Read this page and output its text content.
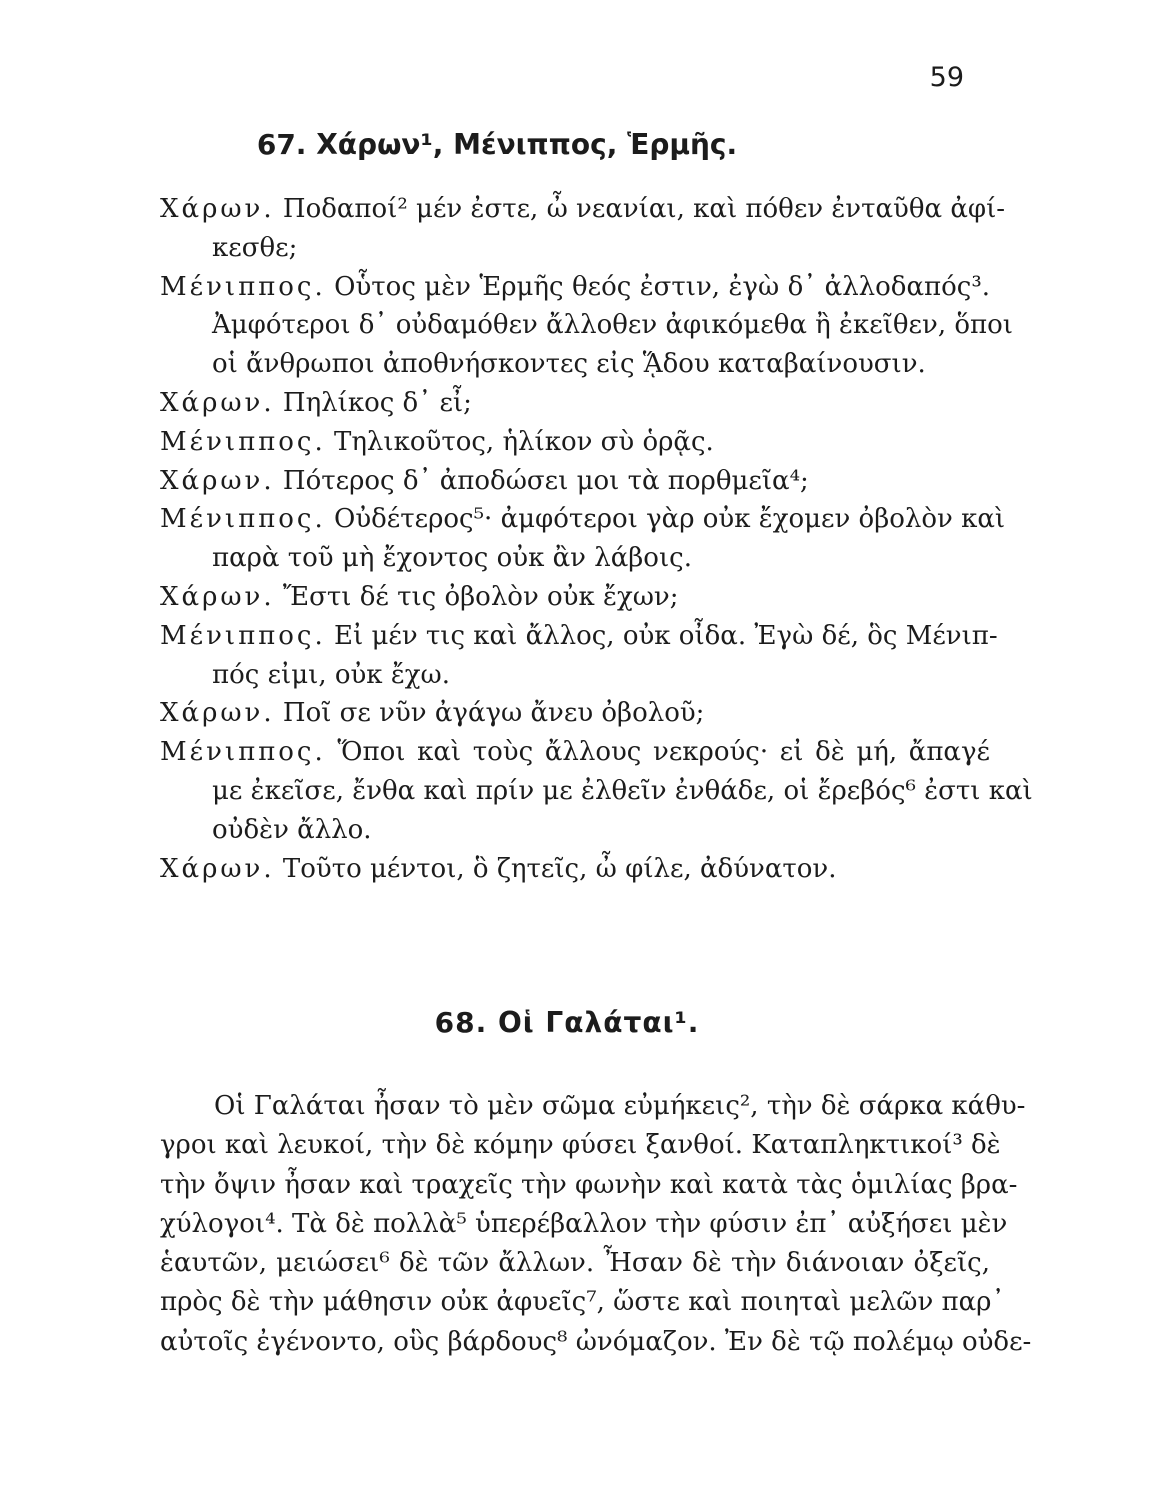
59
67. Χάρων¹, Μένιππος, Ἑρμῆς.
Χάρων. Ποδαποί² μέν ἐστε, ὦ νεανίαι, καὶ πόθεν ἐνταῦθα ἀφί-
κεσθε;
Μένιππος. Οὗτος μὲν Ἑρμῆς θεός ἐστιν, ἐγὼ δ᾽ ἀλλοδαπός³.
Ἀμφότεροι δ᾽ οὐδαμόθεν ἄλλοθεν ἀφικόμεθα ἢ ἐκεῖθεν, ὅποι
οἱ ἄνθρωποι ἀποθνήσκοντες εἰς ᾍδου καταβαίνουσιν.
Χάρων. Πηλίκος δ᾽ εἶ;
Μένιππος. Τηλικοῦτος, ἡλίκον σὺ ὁρᾷς.
Χάρων. Πότερος δ᾽ ἀποδώσει μοι τὰ πορθμεῖα⁴;
Μένιππος. Οὐδέτερος⁵· ἀμφότεροι γὰρ οὐκ ἔχομεν ὀβολὸν καὶ
παρὰ τοῦ μὴ ἔχοντος οὐκ ἂν λάβοις.
Χάρων. Ἔστι δέ τις ὀβολὸν οὐκ ἔχων;
Μένιππος. Εἰ μέν τις καὶ ἄλλος, οὐκ οἶδα. Ἐγὼ δέ, ὃς Μένιπ-
πός εἰμι, οὐκ ἔχω.
Χάρων. Ποῖ σε νῦν ἀγάγω ἄνευ ὀβολοῦ;
Μένιππος. Ὅποι καὶ τοὺς ἄλλους νεκρούς· εἰ δὲ μή, ἄπαγέ
με ἐκεῖσε, ἔνθα καὶ πρίν με ἐλθεῖν ἐνθάδε, οἱ ἔρεβός⁶ ἐστι καὶ
οὐδὲν ἄλλο.
Χάρων. Τοῦτο μέντοι, ὃ ζητεῖς, ὦ φίλε, ἀδύνατον.
68. Οἱ Γαλάται¹.
Οἱ Γαλάται ἦσαν τὸ μὲν σῶμα εὐμήκεις², τὴν δὲ σάρκα κάθυ-
γροι καὶ λευκοί, τὴν δὲ κόμην φύσει ξανθοί. Καταπληκτικοί³ δὲ
τὴν ὄψιν ἦσαν καὶ τραχεῖς τὴν φωνὴν καὶ κατὰ τὰς ὁμιλίας βρα-
χύλογοι⁴. Τὰ δὲ πολλὰ⁵ ὑπερέβαλλον τὴν φύσιν ἐπ᾽ αὐξήσει μὲν
ἑαυτῶν, μειώσει⁶ δὲ τῶν ἄλλων. Ἦσαν δὲ τὴν διάνοιαν ὀξεῖς,
πρὸς δὲ τὴν μάθησιν οὐκ ἀφυεῖς⁷, ὥστε καὶ ποιηταὶ μελῶν παρ᾽
αὐτοῖς ἐγένοντο, οὓς βάρδους⁸ ὠνόμαζον. Ἐν δὲ τῷ πολέμῳ οὐδε-
